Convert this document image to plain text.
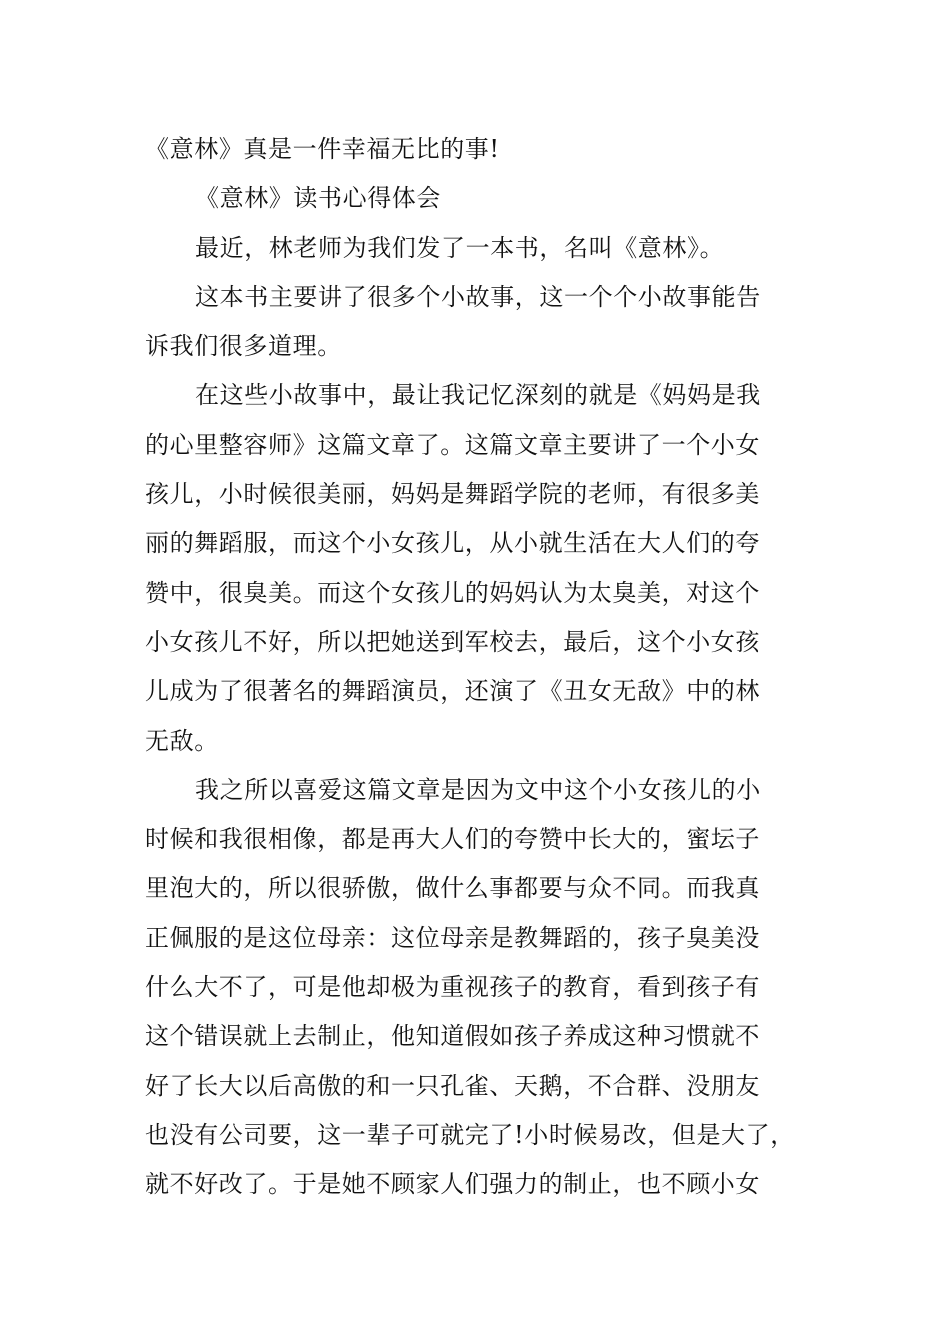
《意林》真是一件幸福无比的事!
《意林》读书心得体会
最近，林老师为我们发了一本书，名叫《意林》。
这本书主要讲了很多个小故事，这一个个小故事能告
诉我们很多道理。
在这些小故事中，最让我记忆深刻的就是《妈妈是我
的心里整容师》这篇文章了。这篇文章主要讲了一个小女
孩儿，小时候很美丽，妈妈是舞蹈学院的老师，有很多美
丽的舞蹈服，而这个小女孩儿，从小就生活在大人们的夸
赞中，很臭美。而这个女孩儿的妈妈认为太臭美，对这个
小女孩儿不好，所以把她送到军校去，最后，这个小女孩
儿成为了很著名的舞蹈演员，还演了《丑女无敌》中的林
无敌。
我之所以喜爱这篇文章是因为文中这个小女孩儿的小
时候和我很相像，都是再大人们的夸赞中长大的，蜜坛子
里泡大的，所以很骄傲，做什么事都要与众不同。而我真
正佩服的是这位母亲：这位母亲是教舞蹈的，孩子臭美没
什么大不了，可是他却极为重视孩子的教育，看到孩子有
这个错误就上去制止，他知道假如孩子养成这种习惯就不
好了长大以后高傲的和一只孔雀、天鹅，不合群、没朋友
也没有公司要，这一辈子可就完了!小时候易改，但是大了，
就不好改了。于是她不顾家人们强力的制止，也不顾小女
